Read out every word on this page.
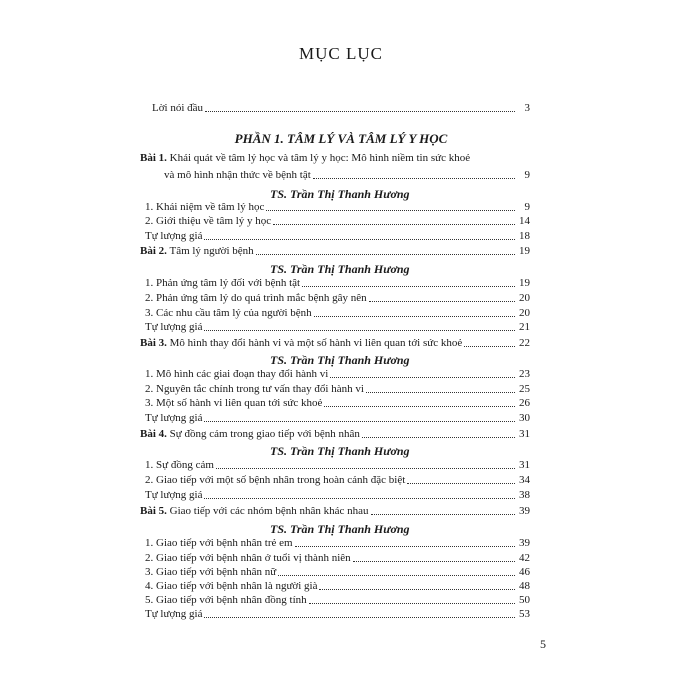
MỤC LỤC
Lời nói đầu	3
PHẦN 1. TÂM LÝ VÀ TÂM LÝ Y HỌC
Bài 1. Khái quát về tâm lý học và tâm lý y học: Mô hình niềm tin sức khoẻ
và mô hình nhận thức về bệnh tật	9
TS. Trần Thị Thanh Hương
1. Khái niệm về tâm lý học	9
2. Giới thiệu về tâm lý y học	14
Tự lượng giá	18
Bài 2. Tâm lý người bệnh	19
TS. Trần Thị Thanh Hương
1. Phản ứng tâm lý đối với bệnh tật	19
2. Phản ứng tâm lý do quá trình mắc bệnh gây nên	20
3. Các nhu cầu tâm lý của người bệnh	20
Tự lượng giá	21
Bài 3. Mô hình thay đổi hành vi và một số hành vi liên quan tới sức khoẻ	22
TS. Trần Thị Thanh Hương
1. Mô hình các giai đoạn thay đổi hành vi	23
2. Nguyên tắc chính trong tư vấn thay đổi hành vi	25
3. Một số hành vi liên quan tới sức khoẻ	26
Tự lượng giá	30
Bài 4. Sự đồng cảm trong giao tiếp với bệnh nhân	31
TS. Trần Thị Thanh Hương
1. Sự đồng cảm	31
2. Giao tiếp với một số bệnh nhân trong hoàn cảnh đặc biệt	34
Tự lượng giá	38
Bài 5. Giao tiếp với các nhóm bệnh nhân khác nhau	39
TS. Trần Thị Thanh Hương
1. Giao tiếp với bệnh nhân trẻ em	39
2. Giao tiếp với bệnh nhân ở tuổi vị thành niên	42
3. Giao tiếp với bệnh nhân nữ	46
4. Giao tiếp với bệnh nhân là người già	48
5. Giao tiếp với bệnh nhân đồng tính	50
Tự lượng giá	53
5
